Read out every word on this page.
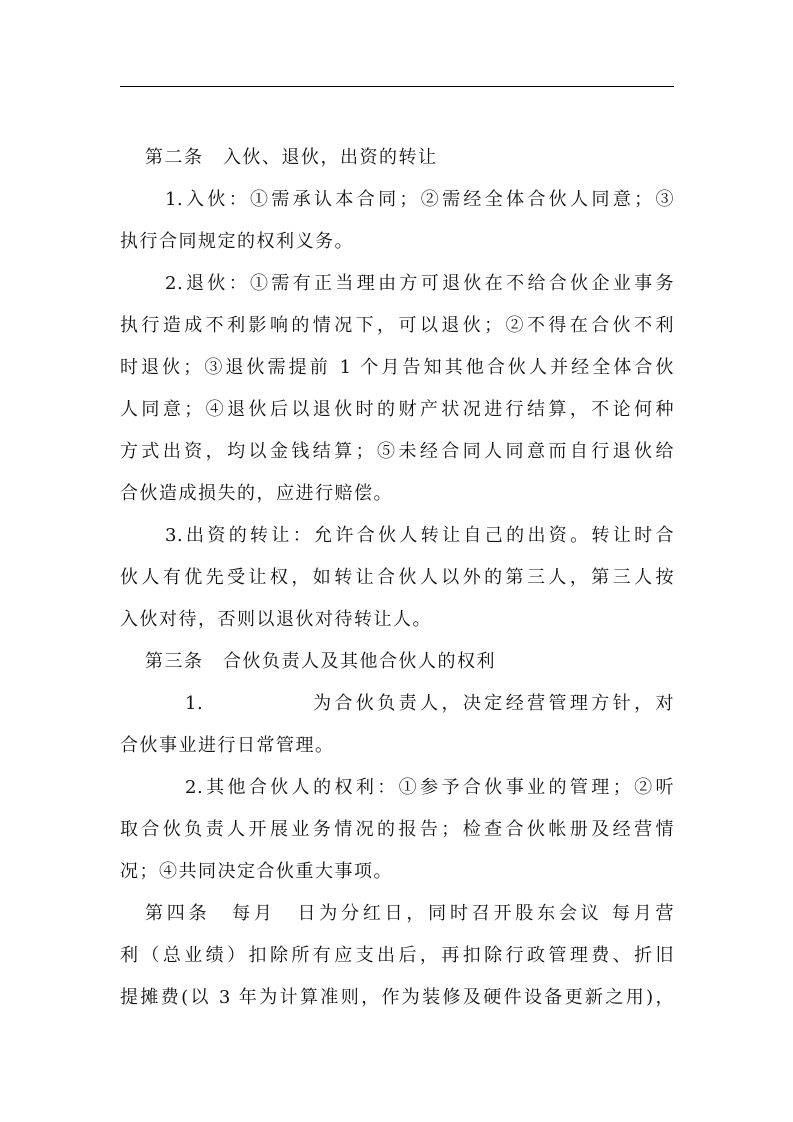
第二条　入伙、退伙，出资的转让
1.入伙：①需承认本合同；②需经全体合伙人同意；③
执行合同规定的权利义务。
2.退伙：①需有正当理由方可退伙在不给合伙企业事务
执行造成不利影响的情况下，可以退伙；②不得在合伙不利
时退伙；③退伙需提前 1 个月告知其他合伙人并经全体合伙
人同意；④退伙后以退伙时的财产状况进行结算，不论何种
方式出资，均以金钱结算；⑤未经合同人同意而自行退伙给
合伙造成损失的，应进行赔偿。
3.出资的转让：允许合伙人转让自己的出资。转让时合
伙人有优先受让权，如转让合伙人以外的第三人，第三人按
入伙对待，否则以退伙对待转让人。
第三条　合伙负责人及其他合伙人的权利
1.　　　　　为合伙负责人，决定经营管理方针，对
合伙事业进行日常管理。
2.其他合伙人的权利：①参予合伙事业的管理；②听
取合伙负责人开展业务情况的报告；检查合伙帐册及经营情
况；④共同决定合伙重大事项。
第四条　每月　日为分红日，同时召开股东会议 每月营
利（总业绩）扣除所有应支出后，再扣除行政管理费、折旧
提摊费(以 3 年为计算准则，作为装修及硬件设备更新之用)，
